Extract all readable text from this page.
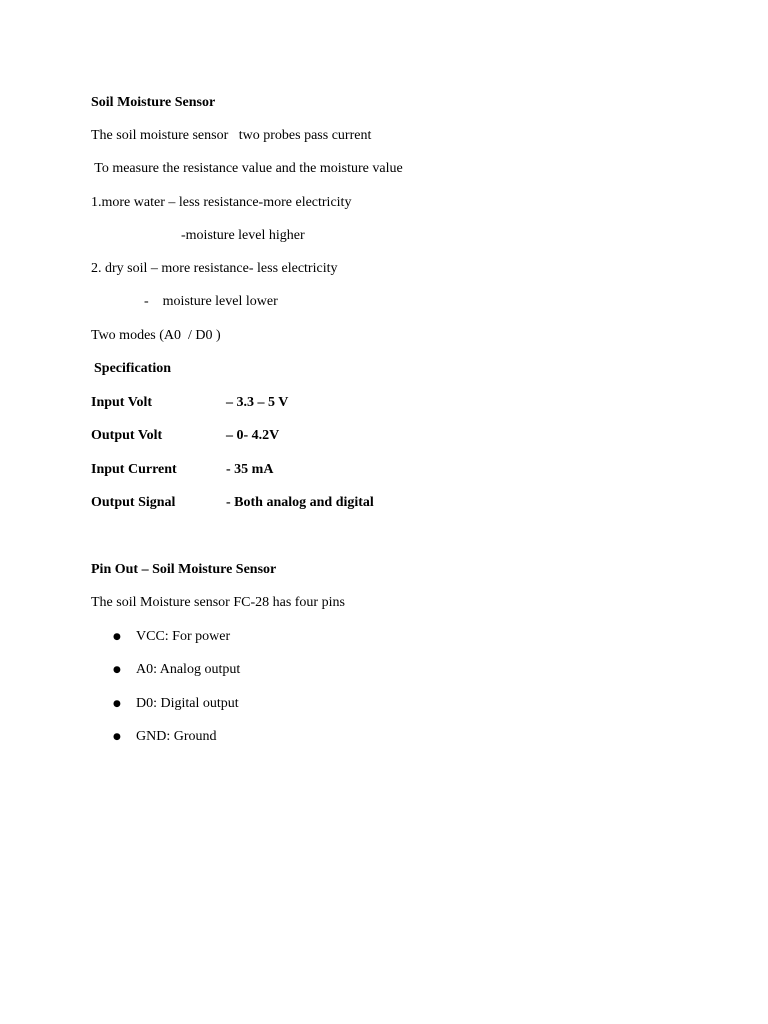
Soil Moisture Sensor
The soil moisture sensor   two probes pass current
To measure the resistance value and the moisture value
1.more water – less resistance-more electricity
-moisture level higher
2. dry soil – more resistance- less electricity
-    moisture level lower
Two modes (A0  / D0 )
Specification
Input Volt	– 3.3 – 5 V
Output Volt	– 0- 4.2V
Input Current	- 35 mA
Output Signal	- Both analog and digital
Pin Out – Soil Moisture Sensor
The soil Moisture sensor FC-28 has four pins
● VCC: For power
● A0: Analog output
● D0: Digital output
● GND: Ground
